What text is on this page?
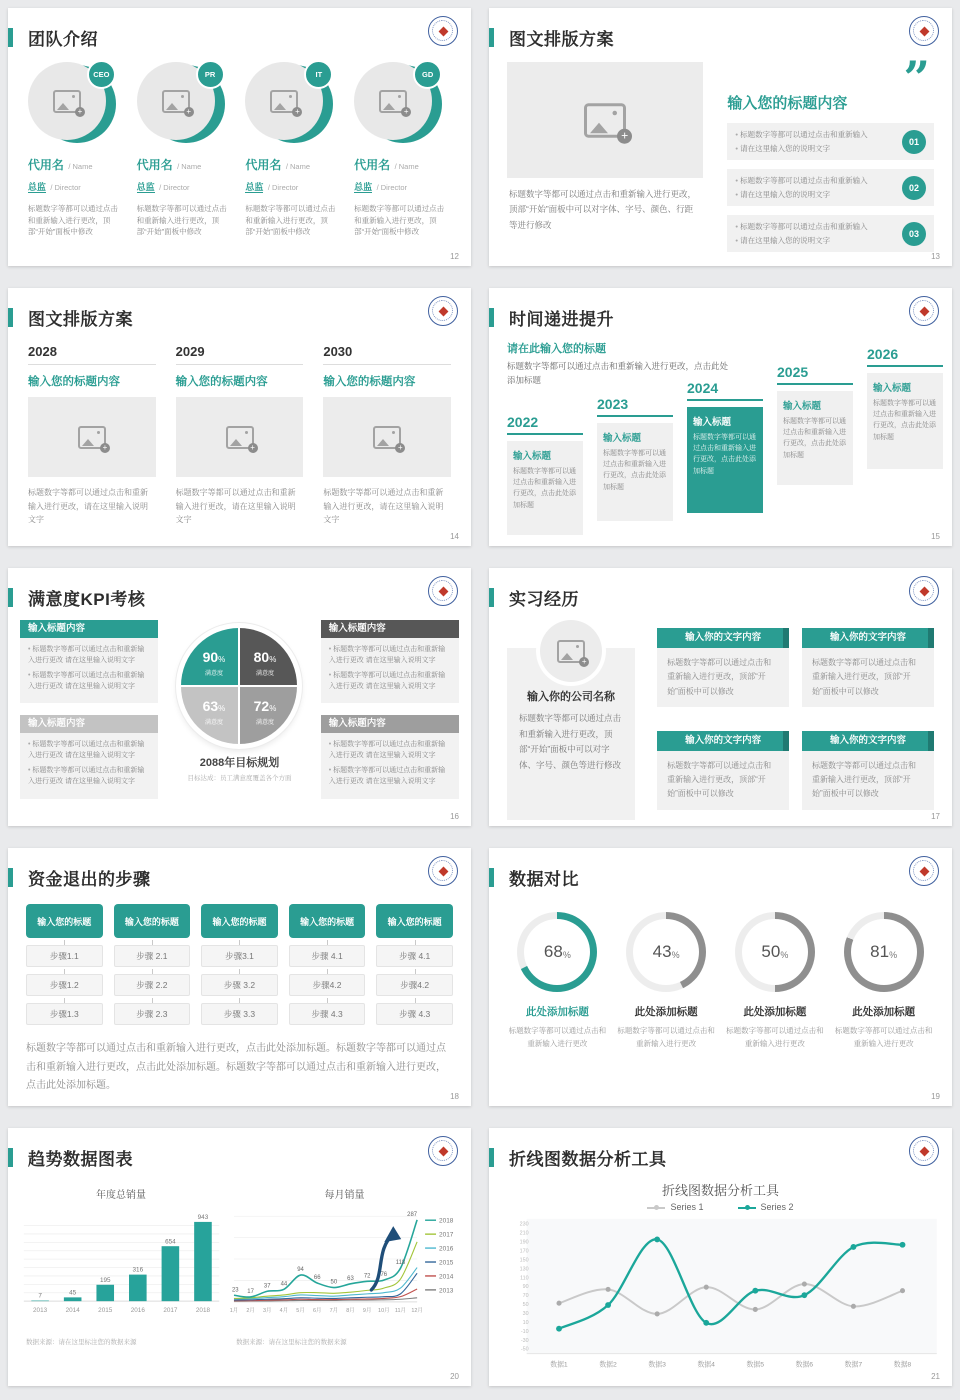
团队介绍
+
CEO
代用名 / Name
总监 / Director

标题数字等都可以通过点击和重新输入进行更改，顶部“开始”面板中修改

+
PR
代用名 / Name
总监 / Director

标题数字等都可以通过点击和重新输入进行更改，顶部“开始”面板中修改

+
IT
代用名 / Name
总监 / Director

标题数字等都可以通过点击和重新输入进行更改，顶部“开始”面板中修改

+
GD
代用名 / Name
总监 / Director

标题数字等都可以通过点击和重新输入进行更改，顶部“开始”面板中修改

12
图文排版方案
+

标题数字等都可以通过点击和重新输入进行更改，顶部“开始”面板中可以对字体、字号、颜色、行距等进行修改

”
输入您的标题内容
• 标题数字等都可以通过点击和重新输入
• 请在这里输入您的说明文字
01
• 标题数字等都可以通过点击和重新输入
• 请在这里输入您的说明文字
02
• 标题数字等都可以通过点击和重新输入
• 请在这里输入您的说明文字
03
13
图文排版方案
2028
输入您的标题内容
+

标题数字等都可以通过点击和重新输入进行更改，请在这里输入说明文字

2029
输入您的标题内容
+

标题数字等都可以通过点击和重新输入进行更改，请在这里输入说明文字

2030
输入您的标题内容
+

标题数字等都可以通过点击和重新输入进行更改，请在这里输入说明文字

14
时间递进提升
请在此输入您的标题

标题数字等都可以通过点击和重新输入进行更改，点击此处添加标题

2022
输入标题

标题数字等都可以通过点击和重新输入进行更改，点击此处添加标题

2023
输入标题

标题数字等都可以通过点击和重新输入进行更改，点击此处添加标题

2024
输入标题

标题数字等都可以通过点击和重新输入进行更改，点击此处添加标题

2025
输入标题

标题数字等都可以通过点击和重新输入进行更改，点击此处添加标题

2026
输入标题

标题数字等都可以通过点击和重新输入进行更改，点击此处添加标题

15
满意度KPI考核
输入标题内容
• 标题数字等都可以通过点击和重新输入进行更改 请在这里输入说明文字
• 标题数字等都可以通过点击和重新输入进行更改 请在这里输入说明文字
输入标题内容
• 标题数字等都可以通过点击和重新输入进行更改 请在这里输入说明文字
• 标题数字等都可以通过点击和重新输入进行更改 请在这里输入说明文字
90%
满意度
80%
满意度
63%
满意度
72%
满意度
2088年目标规划
目标达成：员工满意度覆盖各个方面
输入标题内容
• 标题数字等都可以通过点击和重新输入进行更改 请在这里输入说明文字
• 标题数字等都可以通过点击和重新输入进行更改 请在这里输入说明文字
输入标题内容
• 标题数字等都可以通过点击和重新输入进行更改 请在这里输入说明文字
• 标题数字等都可以通过点击和重新输入进行更改 请在这里输入说明文字
16
实习经历
+
输入你的公司名称

标题数字等都可以通过点击和重新输入进行更改，顶部“开始”面板中可以对字体、字号、颜色等进行修改

输入你的文字内容
标题数字等都可以通过点击和重新输入进行更改，顶部“开始”面板中可以修改
输入你的文字内容
标题数字等都可以通过点击和重新输入进行更改，顶部“开始”面板中可以修改
输入你的文字内容
标题数字等都可以通过点击和重新输入进行更改，顶部“开始”面板中可以修改
输入你的文字内容
标题数字等都可以通过点击和重新输入进行更改，顶部“开始”面板中可以修改
17
资金退出的步骤
输入您的标题
步骤1.1
步骤1.2
步骤1.3
输入您的标题
步骤 2.1
步骤 2.2
步骤 2.3
输入您的标题
步骤3.1
步骤 3.2
步骤 3.3
输入您的标题
步骤 4.1
步骤4.2
步骤 4.3
输入您的标题
步骤 4.1
步骤4.2
步骤 4.3

标题数字等都可以通过点击和重新输入进行更改，点击此处添加标题。标题数字等都可以通过点击和重新输入进行更改，点击此处添加标题。标题数字等都可以通过点击和重新输入进行更改，点击此处添加标题。

18
数据对比
68 %
此处添加标题
标题数字等都可以通过点击和重新输入进行更改
43 %
此处添加标题
标题数字等都可以通过点击和重新输入进行更改
50 %
此处添加标题
标题数字等都可以通过点击和重新输入进行更改
81 %
此处添加标题
标题数字等都可以通过点击和重新输入进行更改
19
趋势数据图表
年度总销量
7
2013
45
2014
195
2015
316
2016
654
2017
943
2018
数据来源：请在这里标注您的数据来源
每月销量
23 17
37 44
94
66
50
63 72 76
118
287
1月 2月 3月 4月 5月 6月 7月 8月 9月 10月 11月 12月
2018
2017
2016
2015
2014
2013
数据来源：请在这里标注您的数据来源
20
折线图数据分析工具
折线图数据分析工具
Series 1	Series 2
230
210
190
170
150
130
110
90
70
50
30
10
-10
-30
-50
数据1	数据2	数据3	数据4	数据5	数据6	数据7	数据8
21
